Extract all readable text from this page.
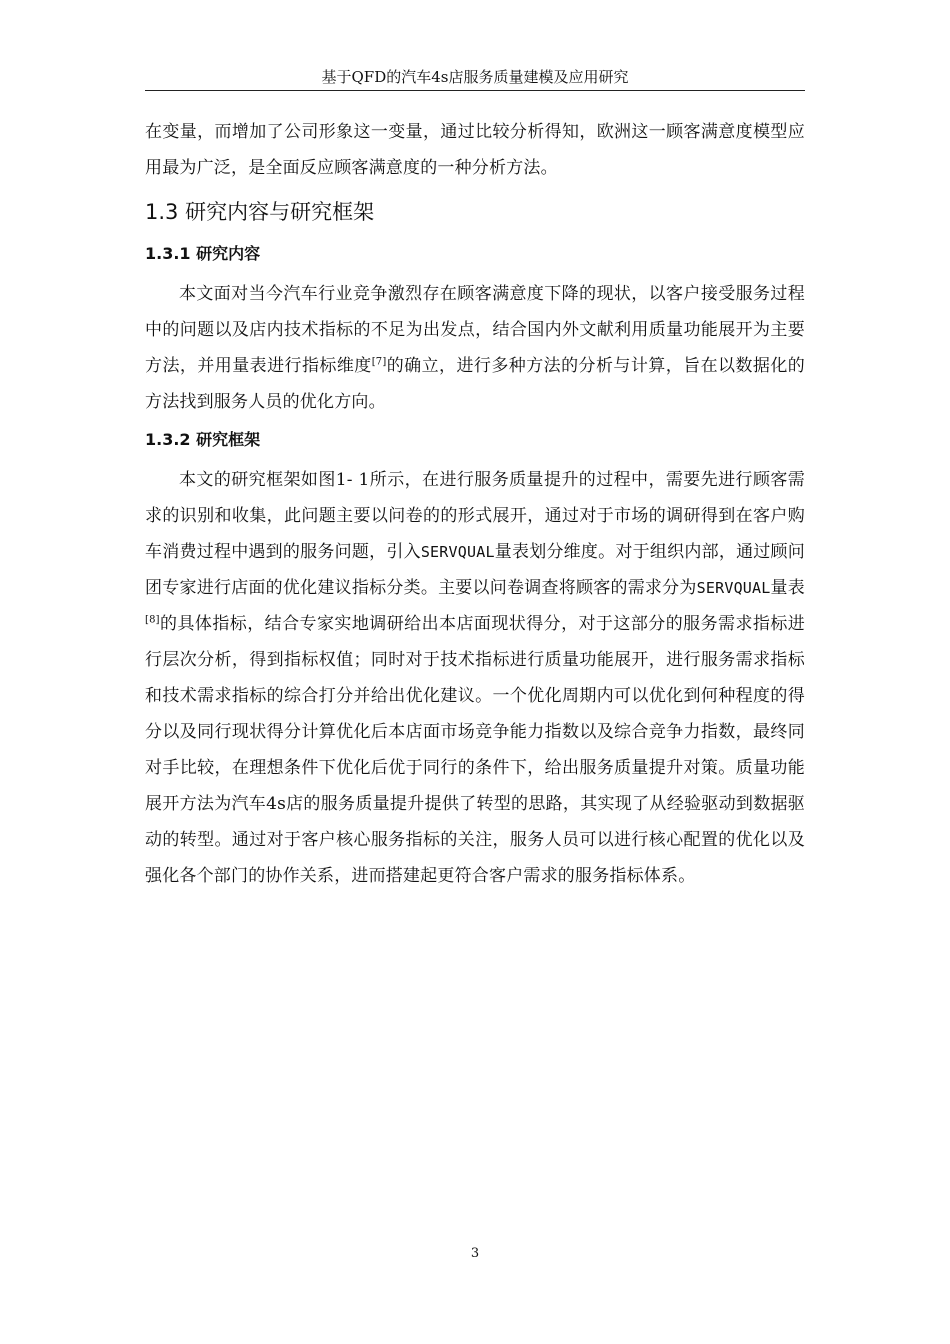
基于QFD的汽车4s店服务质量建模及应用研究

在变量，而增加了公司形象这一变量，通过比较分析得知，欧洲这一顾客满意度模型应用最为广泛，是全面反应顾客满意度的一种分析方法。

1.3 研究内容与研究框架
1.3.1 研究内容

本文面对当今汽车行业竞争激烈存在顾客满意度下降的现状，以客户接受服务过程中的问题以及店内技术指标的不足为出发点，结合国内外文献利用质量功能展开为主要方法，并用量表进行指标维度[7]的确立，进行多种方法的分析与计算，旨在以数据化的方法找到服务人员的优化方向。

1.3.2 研究框架

本文的研究框架如图1- 1所示，在进行服务质量提升的过程中，需要先进行顾客需求的识别和收集，此问题主要以问卷的的形式展开，通过对于市场的调研得到在客户购车消费过程中遇到的服务问题，引入SERVQUAL量表划分维度。对于组织内部，通过顾问团专家进行店面的优化建议指标分类。主要以问卷调查将顾客的需求分为SERVQUAL量表[8]的具体指标，结合专家实地调研给出本店面现状得分，对于这部分的服务需求指标进行层次分析，得到指标权值；同时对于技术指标进行质量功能展开，进行服务需求指标和技术需求指标的综合打分并给出优化建议。一个优化周期内可以优化到何种程度的得分以及同行现状得分计算优化后本店面市场竞争能力指数以及综合竞争力指数，最终同对手比较，在理想条件下优化后优于同行的条件下，给出服务质量提升对策。质量功能展开方法为汽车4s店的服务质量提升提供了转型的思路，其实现了从经验驱动到数据驱动的转型。通过对于客户核心服务指标的关注，服务人员可以进行核心配置的优化以及强化各个部门的协作关系，进而搭建起更符合客户需求的服务指标体系。

3
